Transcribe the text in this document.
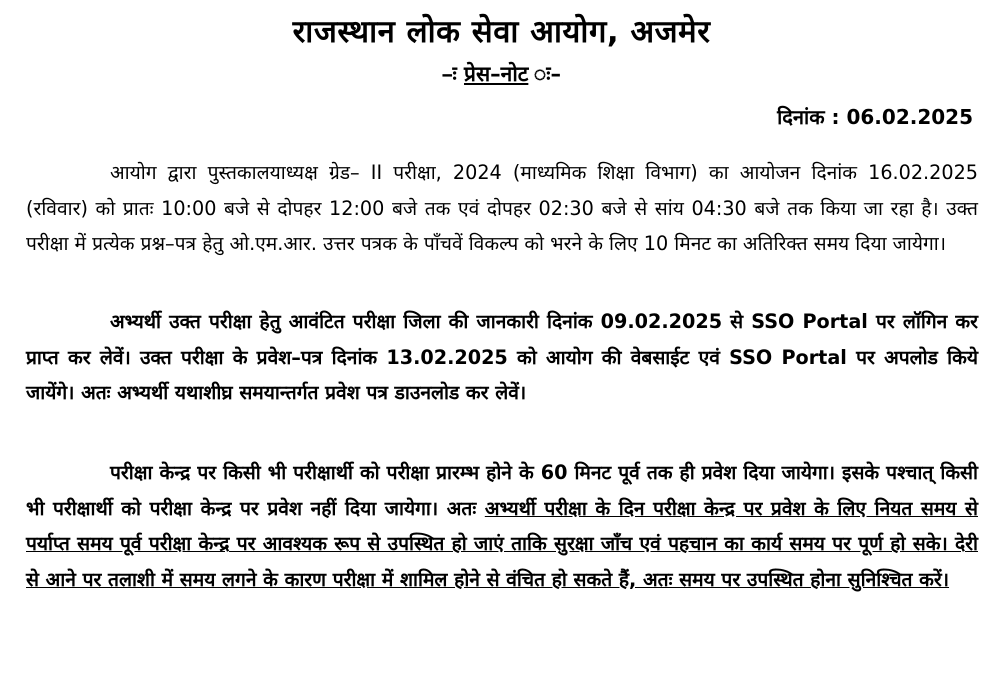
राजस्थान लोक सेवा आयोग, अजमेर
–ः प्रेस–नोट ः–
दिनांक : 06.02.2025

आयोग द्वारा पुस्तकालयाध्यक्ष ग्रेड– II परीक्षा, 2024 (माध्यमिक शिक्षा विभाग) का आयोजन दिनांक 16.02.2025 (रविवार) को प्रातः 10:00 बजे से दोपहर 12:00 बजे तक एवं दोपहर 02:30 बजे से सांय 04:30 बजे तक किया जा रहा है। उक्त परीक्षा में प्रत्येक प्रश्न–पत्र हेतु ओ.एम.आर. उत्तर पत्रक के पाँचवें विकल्प को भरने के लिए 10 मिनट का अतिरिक्त समय दिया जायेगा।

अभ्यर्थी उक्त परीक्षा हेतु आवंटित परीक्षा जिला की जानकारी दिनांक 09.02.2025 से SSO Portal पर लॉगिन कर प्राप्त कर लेवें। उक्त परीक्षा के प्रवेश–पत्र दिनांक 13.02.2025 को आयोग की वेबसाईट एवं SSO Portal पर अपलोड किये जायेंगे। अतः अभ्यर्थी यथाशीघ्र समयान्तर्गत प्रवेश पत्र डाउनलोड कर लेवें।

परीक्षा केन्द्र पर किसी भी परीक्षार्थी को परीक्षा प्रारम्भ होने के 60 मिनट पूर्व तक ही प्रवेश दिया जायेगा। इसके पश्चात् किसी भी परीक्षार्थी को परीक्षा केन्द्र पर प्रवेश नहीं दिया जायेगा। अतः अभ्यर्थी परीक्षा के दिन परीक्षा केन्द्र पर प्रवेश के लिए नियत समय से पर्याप्त समय पूर्व परीक्षा केन्द्र पर आवश्यक रूप से उपस्थित हो जाएं ताकि सुरक्षा जाँच एवं पहचान का कार्य समय पर पूर्ण हो सके। देरी से आने पर तलाशी में समय लगने के कारण परीक्षा में शामिल होने से वंचित हो सकते हैं, अतः समय पर उपस्थित होना सुनिश्चित करें।
